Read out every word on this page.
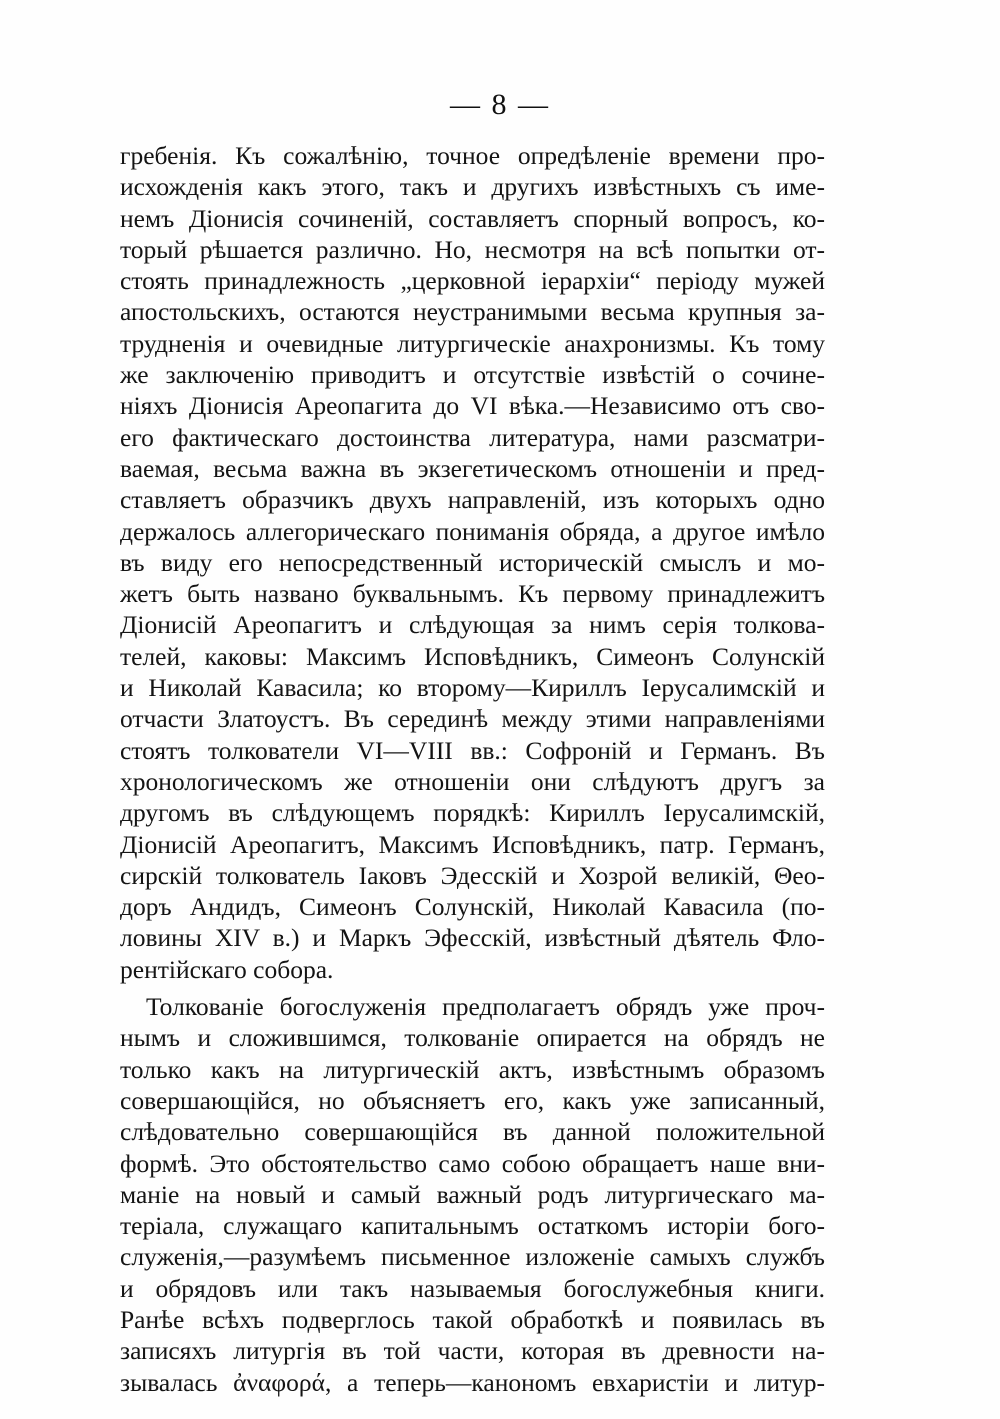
— 8 —
гребенія. Къ сожалѣнію, точное опредѣленіе времени про-
исхожденія какъ этого, такъ и другихъ извѣстныхъ съ име-
немъ Діонисія сочиненій, составляетъ спорный вопросъ, ко-
торый рѣшается различно. Но, несмотря на всѣ попытки от-
стоять принадлежность „церковной іерархіи“ періоду мужей
апостольскихъ, остаются неустранимыми весьма крупныя за-
трудненія и очевидные литургическіе анахронизмы. Къ тому
же заключенію приводитъ и отсутствіе извѣстій о сочине-
ніяхъ Діонисія Ареопагита до VI вѣка.—Независимо отъ сво-
его фактическаго достоинства литература, нами разсматри-
ваемая, весьма важна въ экзегетическомъ отношеніи и пред-
ставляетъ образчикъ двухъ направленій, изъ которыхъ одно
держалось аллегорическаго пониманія обряда, а другое имѣло
въ виду его непосредственный историческій смыслъ и мо-
жетъ быть названо буквальнымъ. Къ первому принадлежитъ
Діонисій Ареопагитъ и слѣдующая за нимъ серія толкова-
телей, каковы: Максимъ Исповѣдникъ, Симеонъ Солунскій
и Николай Кавасила; ко второму—Кириллъ Іерусалимскій и
отчасти Златоустъ. Въ серединѣ между этими направленіями
стоятъ толкователи VI—VIII вв.: Софроній и Германъ. Въ
хронологическомъ же отношеніи они слѣдуютъ другъ за
другомъ въ слѣдующемъ порядкѣ: Кириллъ Іерусалимскій,
Діонисій Ареопагитъ, Максимъ Исповѣдникъ, патр. Германъ,
сирскій толкователь Іаковъ Эдесскій и Хозрой великій, Θео-
доръ Андидъ, Симеонъ Солунскій, Николай Кавасила (по-
ловины XIV в.) и Маркъ Эфесскій, извѣстный дѣятель Фло-
рентійскаго собора.
Толкованіе богослуженія предполагаетъ обрядъ уже проч-
нымъ и сложившимся, толкованіе опирается на обрядъ не
только какъ на литургическій актъ, извѣстнымъ образомъ
совершающійся, но объясняетъ его, какъ уже записанный,
слѣдовательно совершающійся въ данной положительной
формѣ. Это обстоятельство само собою обращаетъ наше вни-
маніе на новый и самый важный родъ литургическаго ма-
теріала, служащаго капитальнымъ остаткомъ исторіи бого-
служенія,—разумѣемъ письменное изложеніе самыхъ службъ
и обрядовъ или такъ называемыя богослужебныя книги.
Ранѣе всѣхъ подверглось такой обработкѣ и появилась въ
записяхъ литургія въ той части, которая въ древности на-
зывалась ἀναφορά, а теперь—канономъ евхаристіи и литур-
